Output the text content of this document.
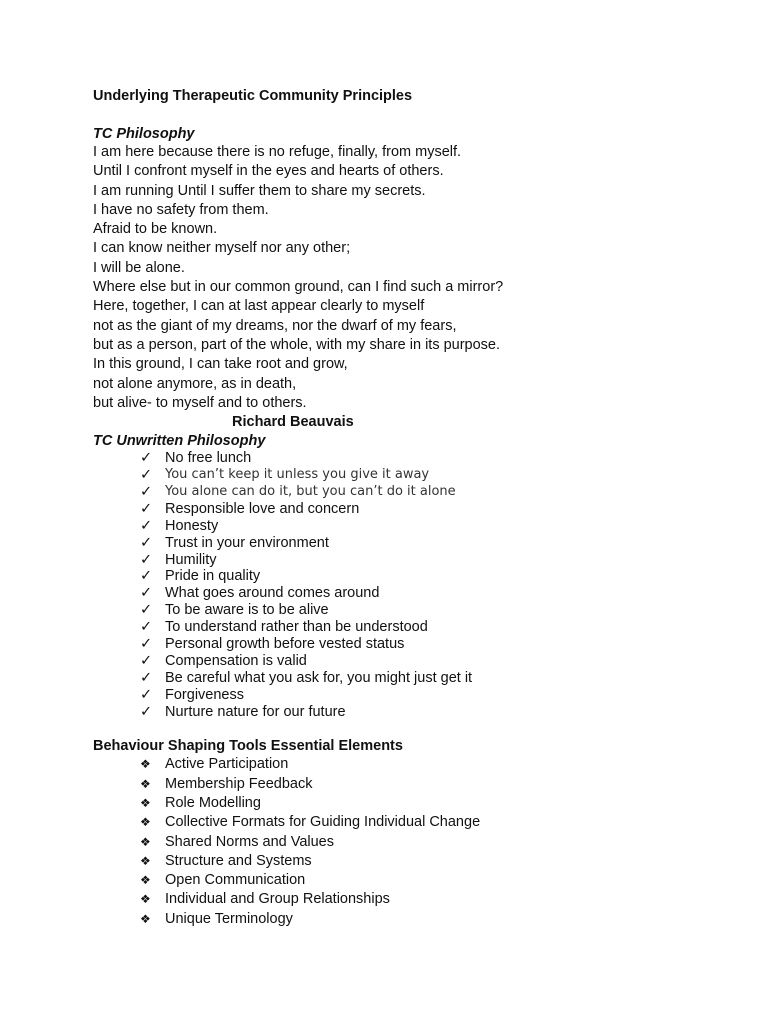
Underlying Therapeutic Community Principles
TC Philosophy
I am here because there is no refuge, finally, from myself.
Until I confront myself in the eyes and hearts of others.
I am running Until I suffer them to share my secrets.
I have no safety from them.
Afraid to be known.
I can know neither myself nor any other;
I will be alone.
Where else but in our common ground, can I find such a mirror?
Here, together, I can at last appear clearly to myself
not as the giant of my dreams, nor the dwarf of my fears,
but as a person, part of the whole, with my share in its purpose.
In this ground, I can take root and grow,
not alone anymore, as in death,
but alive- to myself and to others.
Richard Beauvais
TC Unwritten Philosophy
✓ No free lunch
✓ You can’t keep it unless you give it away
✓ You alone can do it, but you can’t do it alone
✓ Responsible love and concern
✓ Honesty
✓ Trust in your environment
✓ Humility
✓ Pride in quality
✓ What goes around comes around
✓ To be aware is to be alive
✓ To understand rather than be understood
✓ Personal growth before vested status
✓ Compensation is valid
✓ Be careful what you ask for, you might just get it
✓ Forgiveness
✓ Nurture nature for our future
Behaviour Shaping Tools Essential Elements
❖ Active Participation
❖ Membership Feedback
❖ Role Modelling
❖ Collective Formats for Guiding Individual Change
❖ Shared Norms and Values
❖ Structure and Systems
❖ Open Communication
❖ Individual and Group Relationships
❖ Unique Terminology
